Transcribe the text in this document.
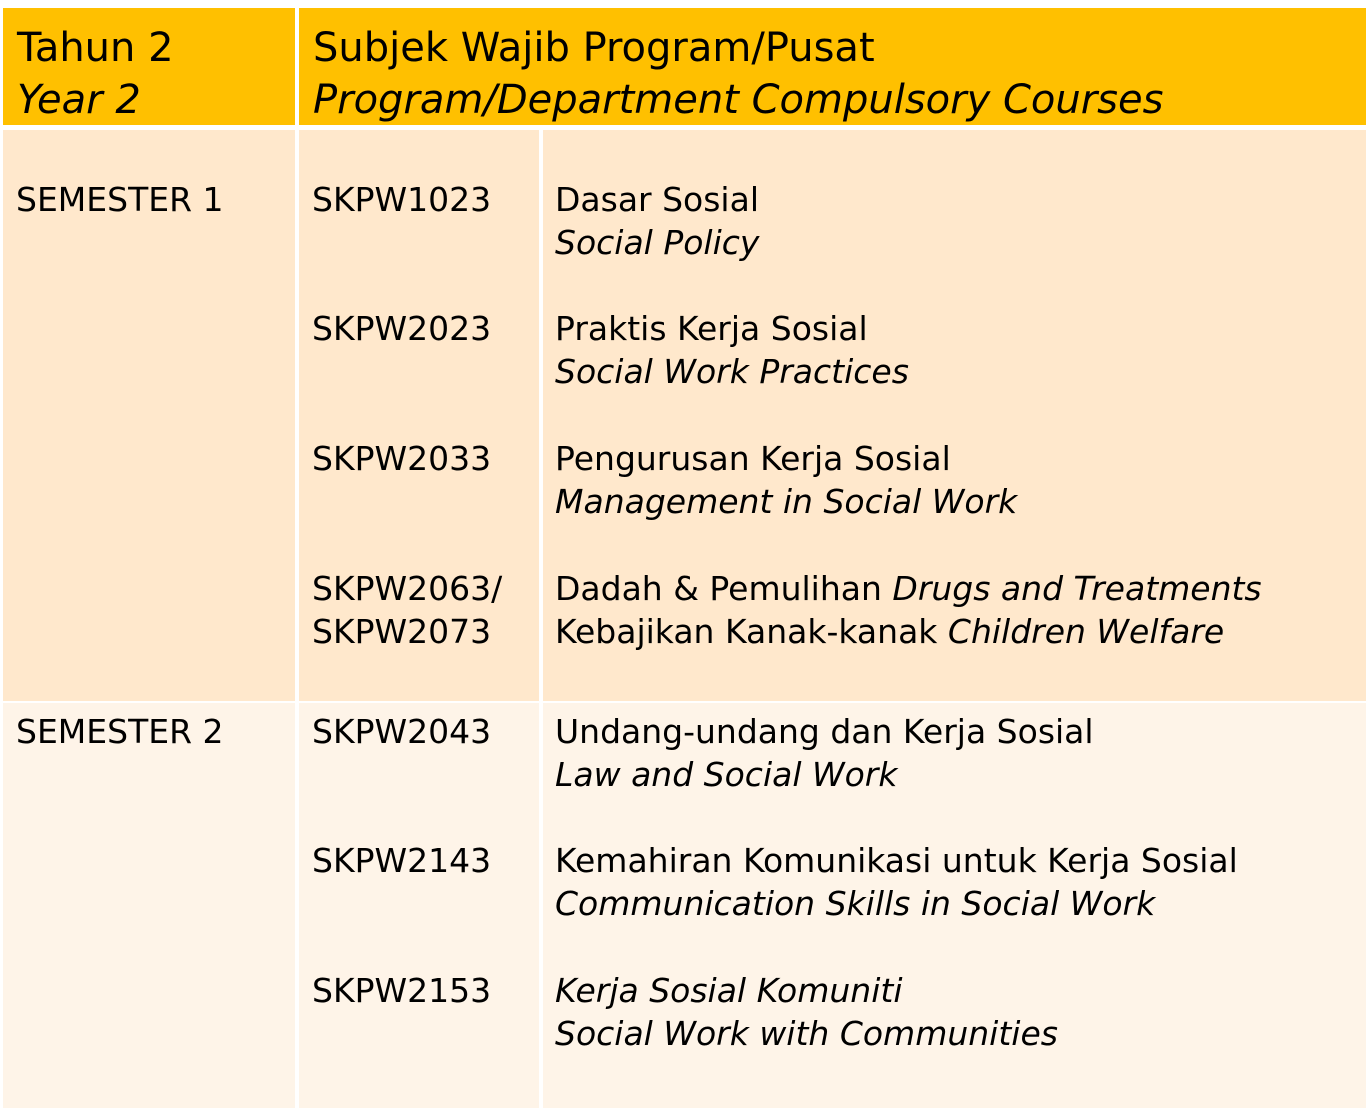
Tahun 2
Year 2
Subjek Wajib Program/Pusat
Program/Department Compulsory Courses
SEMESTER 1	SKPW1023
SKPW2023
SKPW2033
SKPW2063/
SKPW2073
Dasar Sosial
Social Policy
Praktis Kerja Sosial
Social Work Practices
Pengurusan Kerja Sosial
Management in Social Work
Dadah & Pemulihan Drugs and Treatments
Kebajikan Kanak-kanak Children Welfare
SEMESTER 2	SKPW2043
SKPW2143
SKPW2153
Undang-undang dan Kerja Sosial
Law and Social Work
Kemahiran Komunikasi untuk Kerja Sosial
Communication Skills in Social Work
Kerja Sosial Komuniti
Social Work with Communities
